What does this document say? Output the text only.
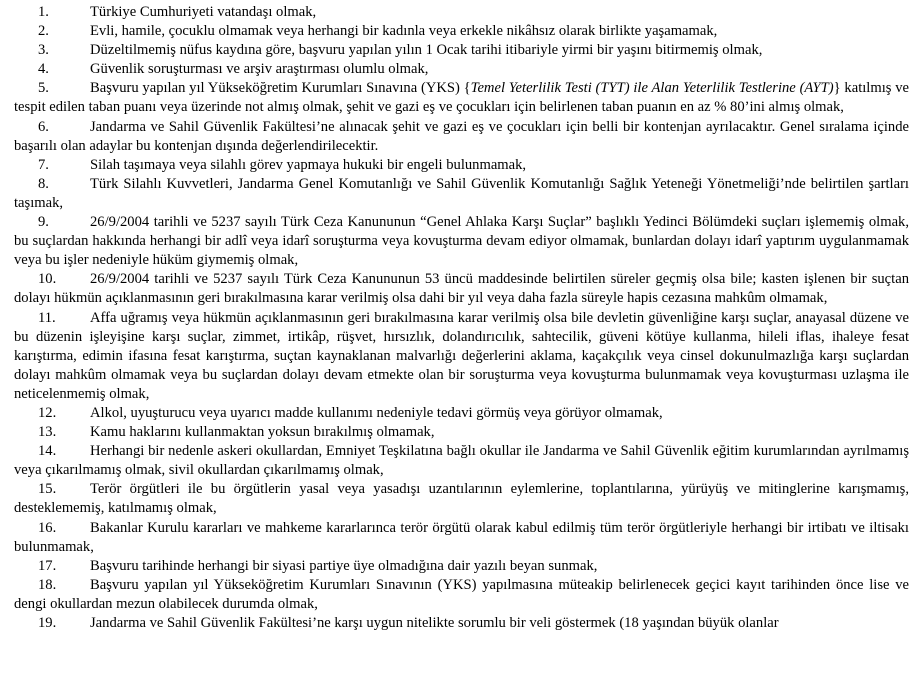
1.	Türkiye Cumhuriyeti vatandaşı olmak,

2.	Evli, hamile, çocuklu olmamak veya herhangi bir kadınla veya erkekle nikâhsız olarak birlikte yaşamamak,

3.	Düzeltilmemiş nüfus kaydına göre, başvuru yapılan yılın 1 Ocak tarihi itibariyle yirmi bir yaşını bitirmemiş olmak,

4.	Güvenlik soruşturması ve arşiv araştırması olumlu olmak,

5.	Başvuru yapılan yıl Yükseköğretim Kurumları Sınavına (YKS) {Temel Yeterlilik Testi (TYT) ile Alan Yeterlilik Testlerine (AYT)} katılmış ve tespit edilen taban puanı veya üzerinde not almış olmak, şehit ve gazi eş ve çocukları için belirlenen taban puanın en az % 80’ini almış olmak,

6.	Jandarma ve Sahil Güvenlik Fakültesi’ne alınacak şehit ve gazi eş ve çocukları için belli bir kontenjan ayrılacaktır. Genel sıralama içinde başarılı olan adaylar bu kontenjan dışında değerlendirilecektir.

7.	Silah taşımaya veya silahlı görev yapmaya hukuki bir engeli bulunmamak,

8.	Türk Silahlı Kuvvetleri, Jandarma Genel Komutanlığı ve Sahil Güvenlik Komutanlığı Sağlık Yeteneği Yönetmeliği’nde belirtilen şartları taşımak,

9.	26/9/2004 tarihli ve 5237 sayılı Türk Ceza Kanununun “Genel Ahlaka Karşı Suçlar” başlıklı Yedinci Bölümdeki suçları işlememiş olmak, bu suçlardan hakkında herhangi bir adlî veya idarî soruşturma veya kovuşturma devam ediyor olmamak, bunlardan dolayı idarî yaptırım uygulanmamak veya bu işler nedeniyle hüküm giymemiş olmak,

10. 26/9/2004 tarihli ve 5237 sayılı Türk Ceza Kanununun 53 üncü maddesinde belirtilen süreler geçmiş olsa bile; kasten işlenen bir suçtan dolayı hükmün açıklanmasının geri bırakılmasına karar verilmiş olsa dahi bir yıl veya daha fazla süreyle hapis cezasına mahkûm olmamak,

11. Affa uğramış veya hükmün açıklanmasının geri bırakılmasına karar verilmiş olsa bile devletin güvenliğine karşı suçlar, anayasal düzene ve bu düzenin işleyişine karşı suçlar, zimmet, irtikâp, rüşvet, hırsızlık, dolandırıcılık, sahtecilik, güveni kötüye kullanma, hileli iflas, ihaleye fesat karıştırma, edimin ifasına fesat karıştırma, suçtan kaynaklanan malvarlığı değerlerini aklama, kaçakçılık veya cinsel dokunulmazlığa karşı suçlardan dolayı mahkûm olmamak veya bu suçlardan dolayı devam etmekte olan bir soruşturma veya kovuşturma bulunmamak veya kovuşturması uzlaşma ile neticelenmemiş olmak,

12. Alkol, uyuşturucu veya uyarıcı madde kullanımı nedeniyle tedavi görmüş veya görüyor olmamak,

13. Kamu haklarını kullanmaktan yoksun bırakılmış olmamak,

14. Herhangi bir nedenle askeri okullardan, Emniyet Teşkilatına bağlı okullar ile Jandarma ve Sahil Güvenlik eğitim kurumlarından ayrılmamış veya çıkarılmamış olmak, sivil okullardan çıkarılmamış olmak,

15. Terör örgütleri ile bu örgütlerin yasal veya yasadışı uzantılarının eylemlerine, toplantılarına, yürüyüş ve mitinglerine karışmamış, desteklememiş, katılmamış olmak,

16. Bakanlar Kurulu kararları ve mahkeme kararlarınca terör örgütü olarak kabul edilmiş tüm terör örgütleriyle herhangi bir irtibatı ve iltisakı bulunmamak,

17. Başvuru tarihinde herhangi bir siyasi partiye üye olmadığına dair yazılı beyan sunmak,

18. Başvuru yapılan yıl Yükseköğretim Kurumları Sınavının (YKS) yapılmasına müteakip belirlenecek geçici kayıt tarihinden önce lise ve dengi okullardan mezun olabilecek durumda olmak,

19. Jandarma ve Sahil Güvenlik Fakültesi’ne karşı uygun nitelikte sorumlu bir veli göstermek (18 yaşından büyük olanlar
